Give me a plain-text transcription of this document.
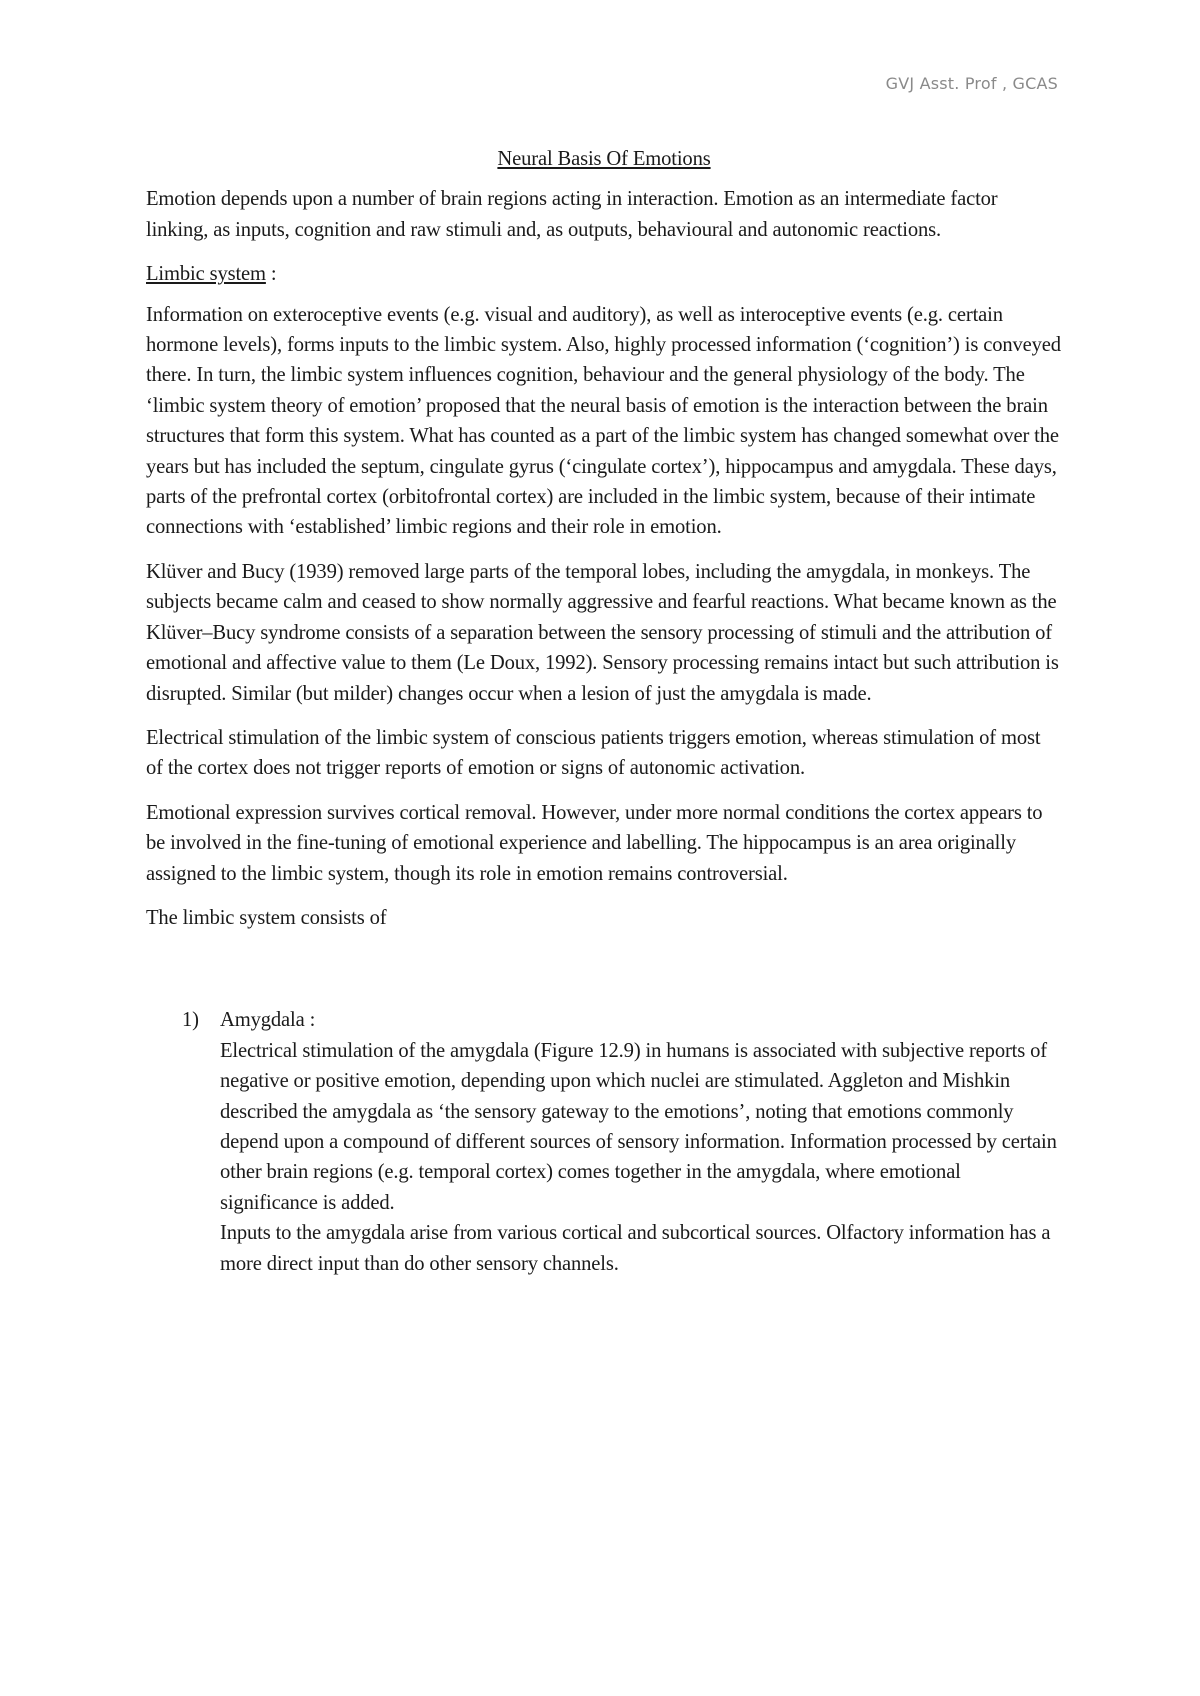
GVJ Asst. Prof , GCAS
Neural Basis Of Emotions

Emotion depends upon a number of brain regions acting in interaction. Emotion as an intermediate factor linking, as inputs, cognition and raw stimuli and, as outputs, behavioural and autonomic reactions.

Limbic system :

Information on exteroceptive events (e.g. visual and auditory), as well as interoceptive events (e.g. certain hormone levels), forms inputs to the limbic system. Also, highly processed information (‘cognition’) is conveyed there. In turn, the limbic system influences cognition, behaviour and the general physiology of the body. The ‘limbic system theory of emotion’ proposed that the neural basis of emotion is the interaction between the brain structures that form this system. What has counted as a part of the limbic system has changed somewhat over the years but has included the septum, cingulate gyrus (‘cingulate cortex’), hippocampus and amygdala. These days, parts of the prefrontal cortex (orbitofrontal cortex) are included in the limbic system, because of their intimate connections with ‘established’ limbic regions and their role in emotion.

Klüver and Bucy (1939) removed large parts of the temporal lobes, including the amygdala, in monkeys. The subjects became calm and ceased to show normally aggressive and fearful reactions. What became known as the Klüver–Bucy syndrome consists of a separation between the sensory processing of stimuli and the attribution of emotional and affective value to them (Le Doux, 1992). Sensory processing remains intact but such attribution is disrupted. Similar (but milder) changes occur when a lesion of just the amygdala is made.

Electrical stimulation of the limbic system of conscious patients triggers emotion, whereas stimulation of most of the cortex does not trigger reports of emotion or signs of autonomic activation.

Emotional expression survives cortical removal. However, under more normal conditions the cortex appears to be involved in the fine-tuning of emotional experience and labelling. The hippocampus is an area originally assigned to the limbic system, though its role in emotion remains controversial.

The limbic system consists of

1) Amygdala :
Electrical stimulation of the amygdala (Figure 12.9) in humans is associated with subjective reports of negative or positive emotion, depending upon which nuclei are stimulated. Aggleton and Mishkin described the amygdala as ‘the sensory gateway to the emotions’, noting that emotions commonly depend upon a compound of different sources of sensory information. Information processed by certain other brain regions (e.g. temporal cortex) comes together in the amygdala, where emotional significance is added.
Inputs to the amygdala arise from various cortical and subcortical sources. Olfactory information has a more direct input than do other sensory channels.
